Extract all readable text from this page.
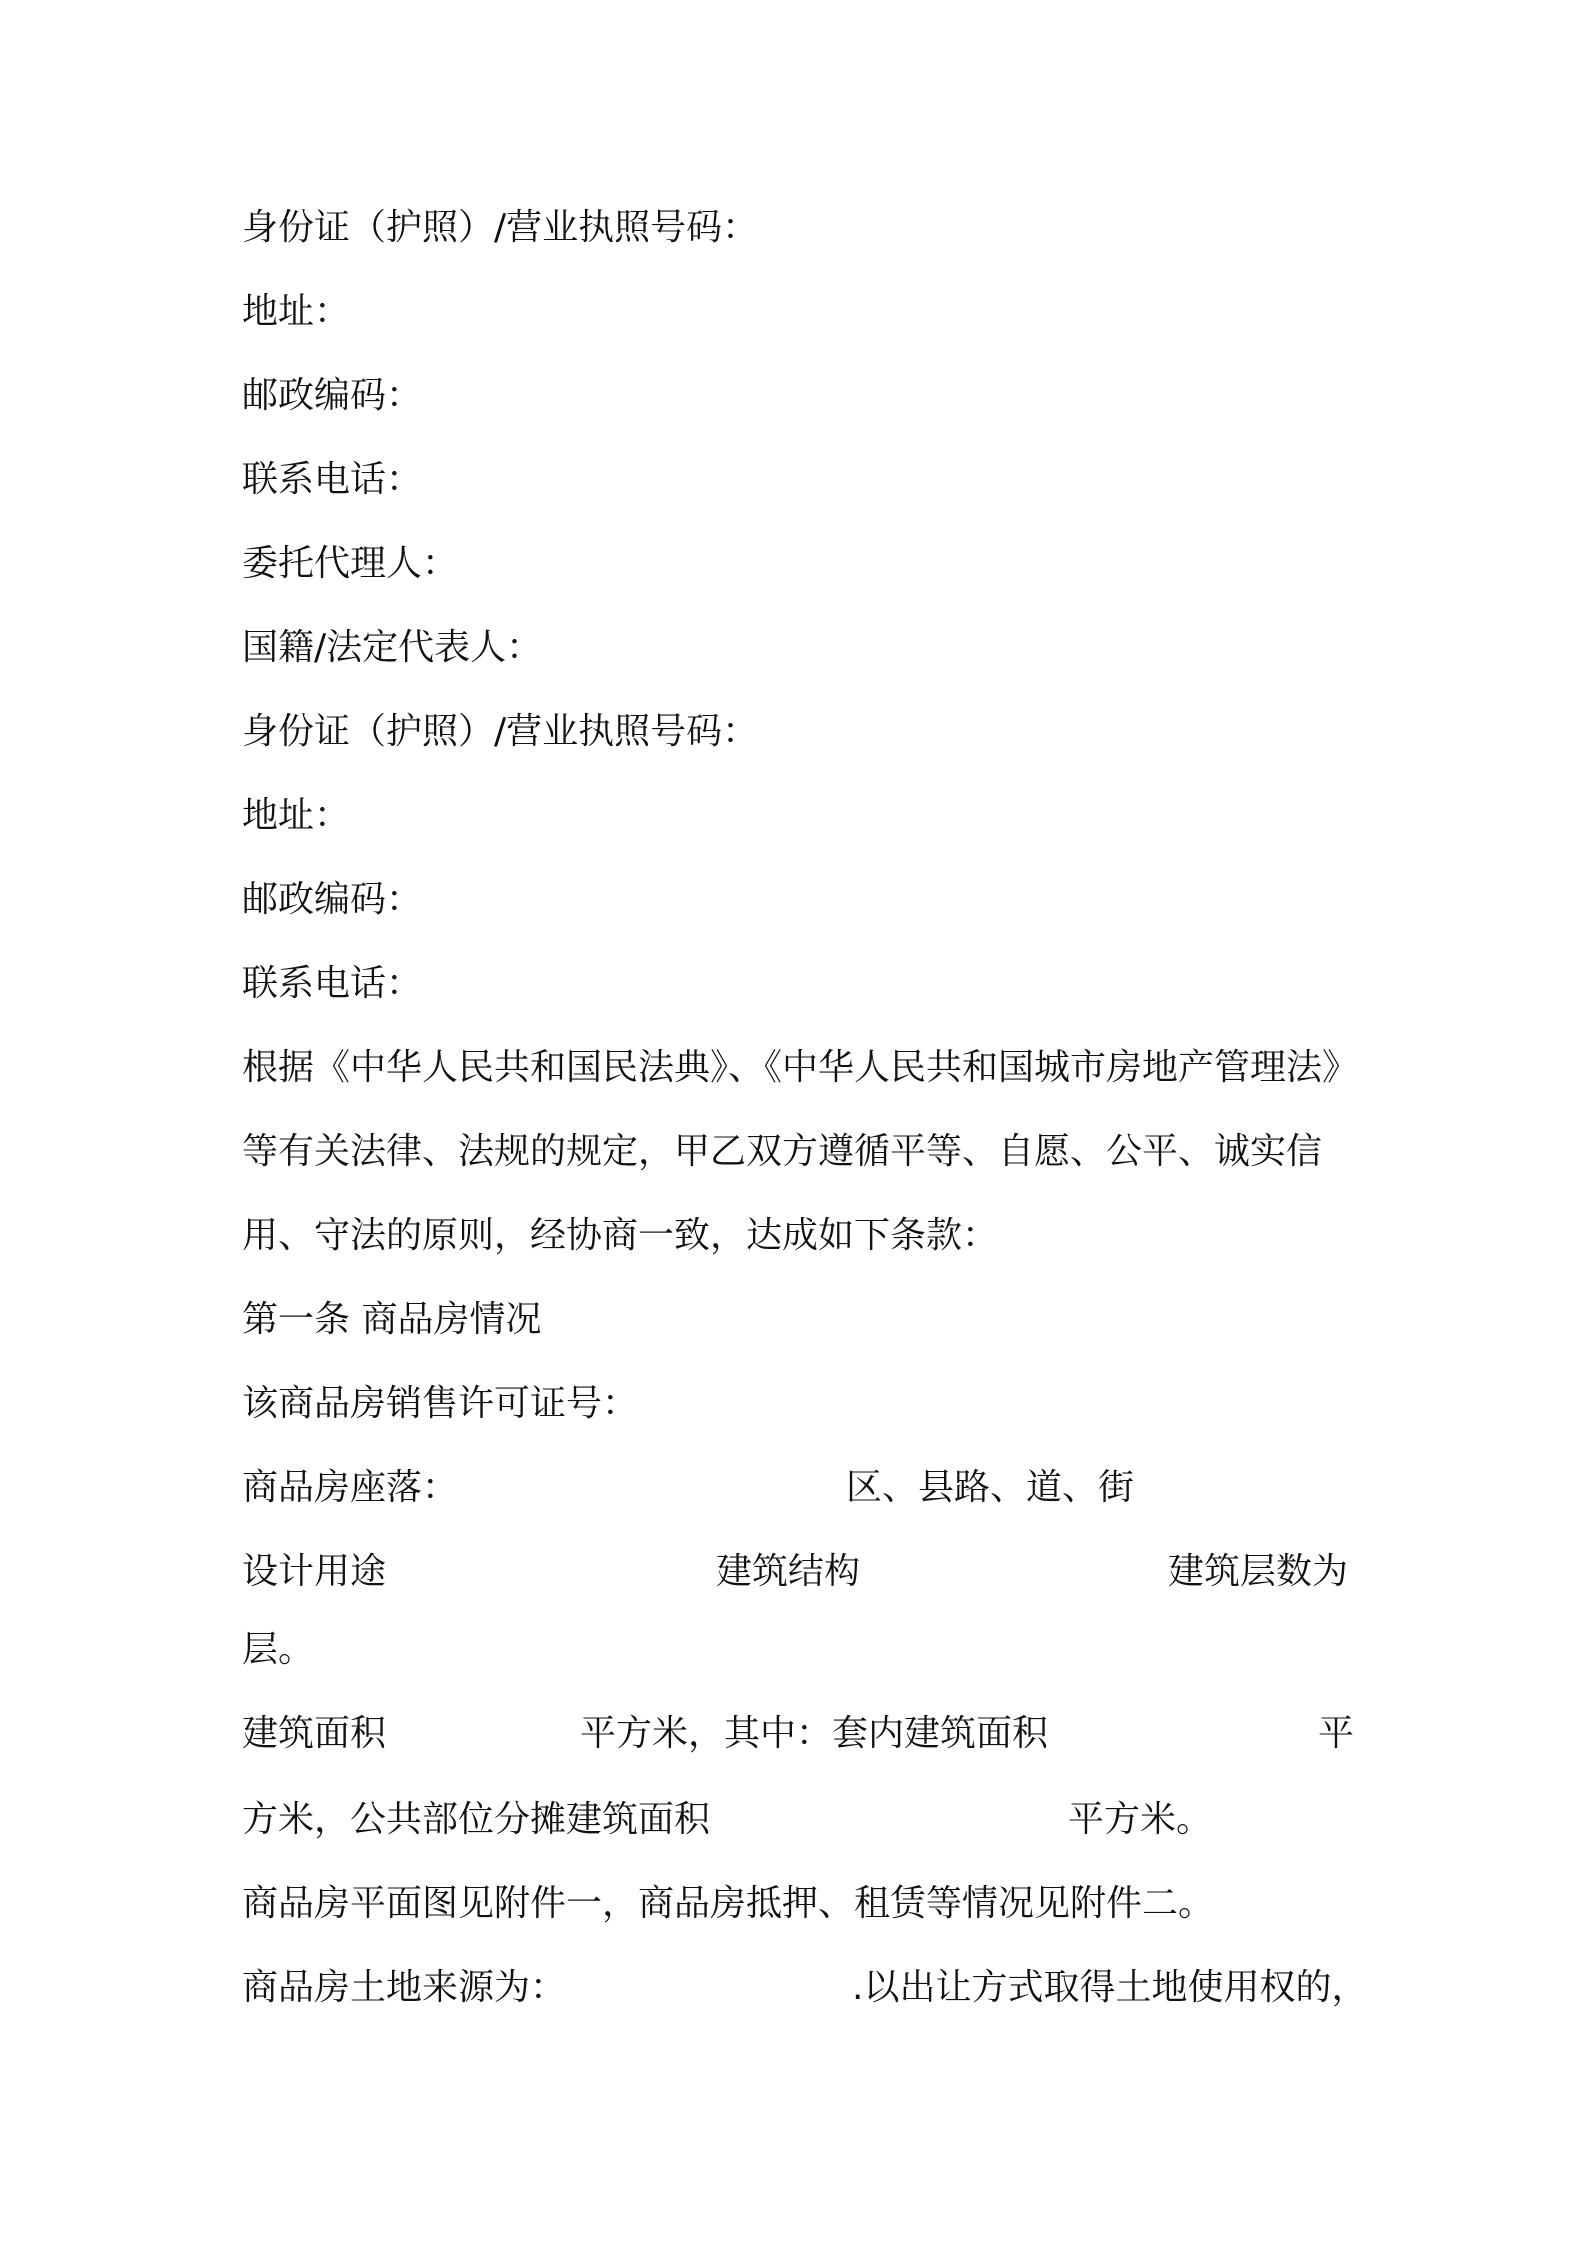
身份证（护照）/营业执照号码：
地址：
邮政编码：
联系电话：
委托代理人：
国籍/法定代表人：
身份证（护照）/营业执照号码：
地址：
邮政编码：
联系电话：
根据《中华人民共和国民法典》、《中华人民共和国城市房地产管理法》
等有关法律、法规的规定，甲乙双方遵循平等、自愿、公平、诚实信
用、守法的原则，经协商一致，达成如下条款：
第一条 商品房情况
该商品房销售许可证号：
商品房座落：	区、县路、道、街
设计用途	建筑结构	建筑层数为
层。
建筑面积	平方米，其中：套内建筑面积	平
方米，公共部位分摊建筑面积	平方米。
商品房平面图见附件一，商品房抵押、租赁等情况见附件二。
商品房土地来源为：	.以出让方式取得土地使用权的，
